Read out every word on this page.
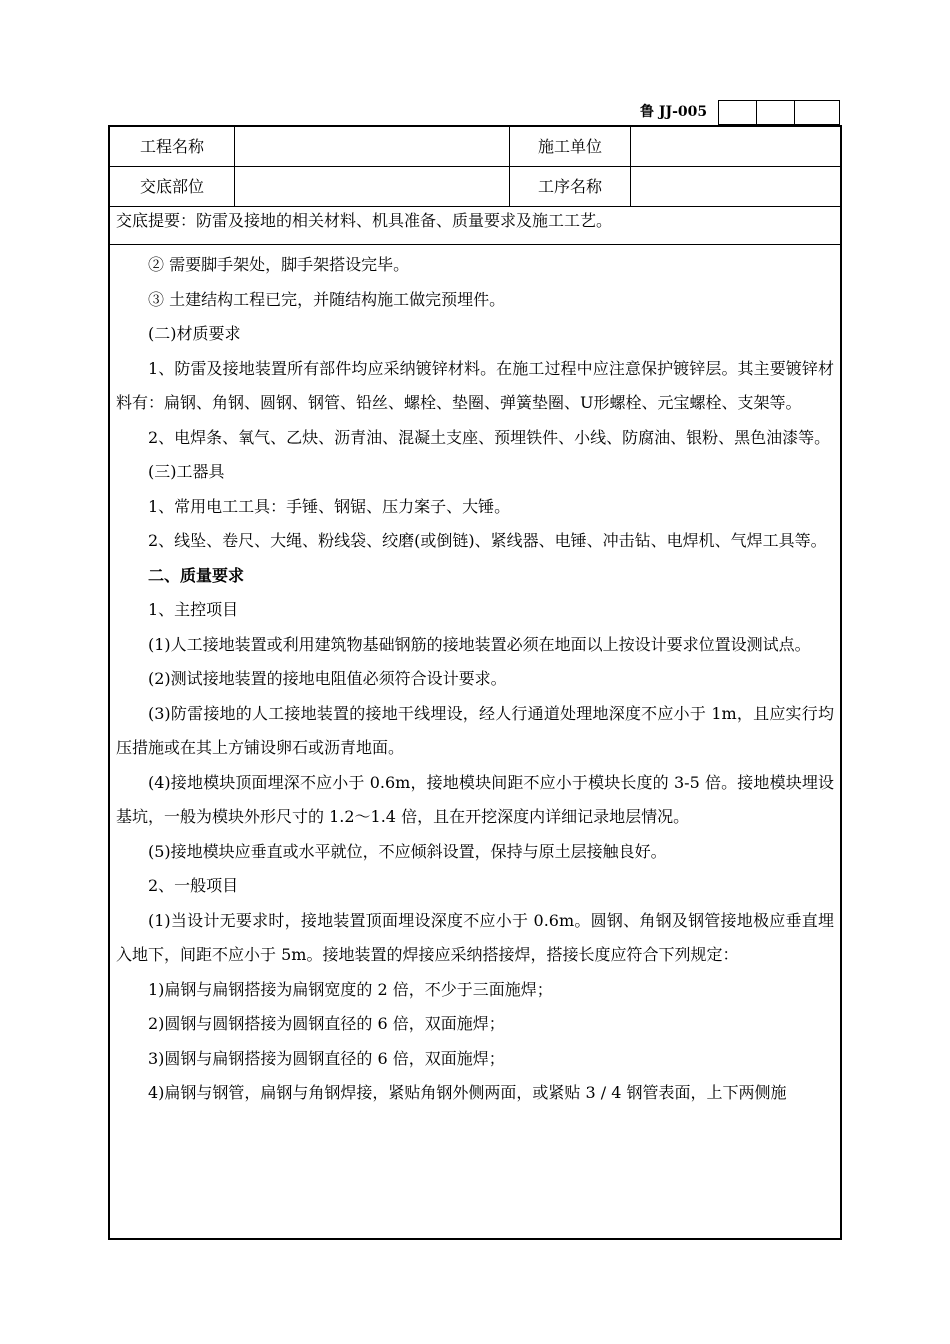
鲁 JJ-005
工程名称	施工单位
交底部位	工序名称
交底提要：防雷及接地的相关材料、机具准备、质量要求及施工工艺。

② 需要脚手架处，脚手架搭设完毕。

③ 土建结构工程已完，并随结构施工做完预埋件。

(二)材质要求

1、防雷及接地装置所有部件均应采纳镀锌材料。在施工过程中应注意保护镀锌层。其主要镀锌材料有：扁钢、角钢、圆钢、钢管、铅丝、螺栓、垫圈、弹簧垫圈、U形螺栓、元宝螺栓、支架等。

2、电焊条、氧气、乙炔、沥青油、混凝土支座、预埋铁件、小线、防腐油、银粉、黑色油漆等。

(三)工器具

1、常用电工工具：手锤、钢锯、压力案子、大锤。

2、线坠、卷尺、大绳、粉线袋、绞磨(或倒链)、紧线器、电锤、冲击钻、电焊机、气焊工具等。

二、质量要求

1、主控项目

(1)人工接地装置或利用建筑物基础钢筋的接地装置必须在地面以上按设计要求位置设测试点。

(2)测试接地装置的接地电阻值必须符合设计要求。

(3)防雷接地的人工接地装置的接地干线埋设，经人行通道处理地深度不应小于 1m，且应实行均压措施或在其上方铺设卵石或沥青地面。

(4)接地模块顶面埋深不应小于 0.6m，接地模块间距不应小于模块长度的 3-5 倍。接地模块埋设基坑，一般为模块外形尺寸的 1.2～1.4 倍，且在开挖深度内详细记录地层情况。

(5)接地模块应垂直或水平就位，不应倾斜设置，保持与原土层接触良好。

2、一般项目

(1)当设计无要求时，接地装置顶面埋设深度不应小于 0.6m。圆钢、角钢及钢管接地极应垂直埋入地下，间距不应小于 5m。接地装置的焊接应采纳搭接焊，搭接长度应符合下列规定：

1)扁钢与扁钢搭接为扁钢宽度的 2 倍，不少于三面施焊；

2)圆钢与圆钢搭接为圆钢直径的 6 倍，双面施焊；

3)圆钢与扁钢搭接为圆钢直径的 6 倍，双面施焊；

4)扁钢与钢管，扁钢与角钢焊接，紧贴角钢外侧两面，或紧贴 3 / 4 钢管表面，上下两侧施
